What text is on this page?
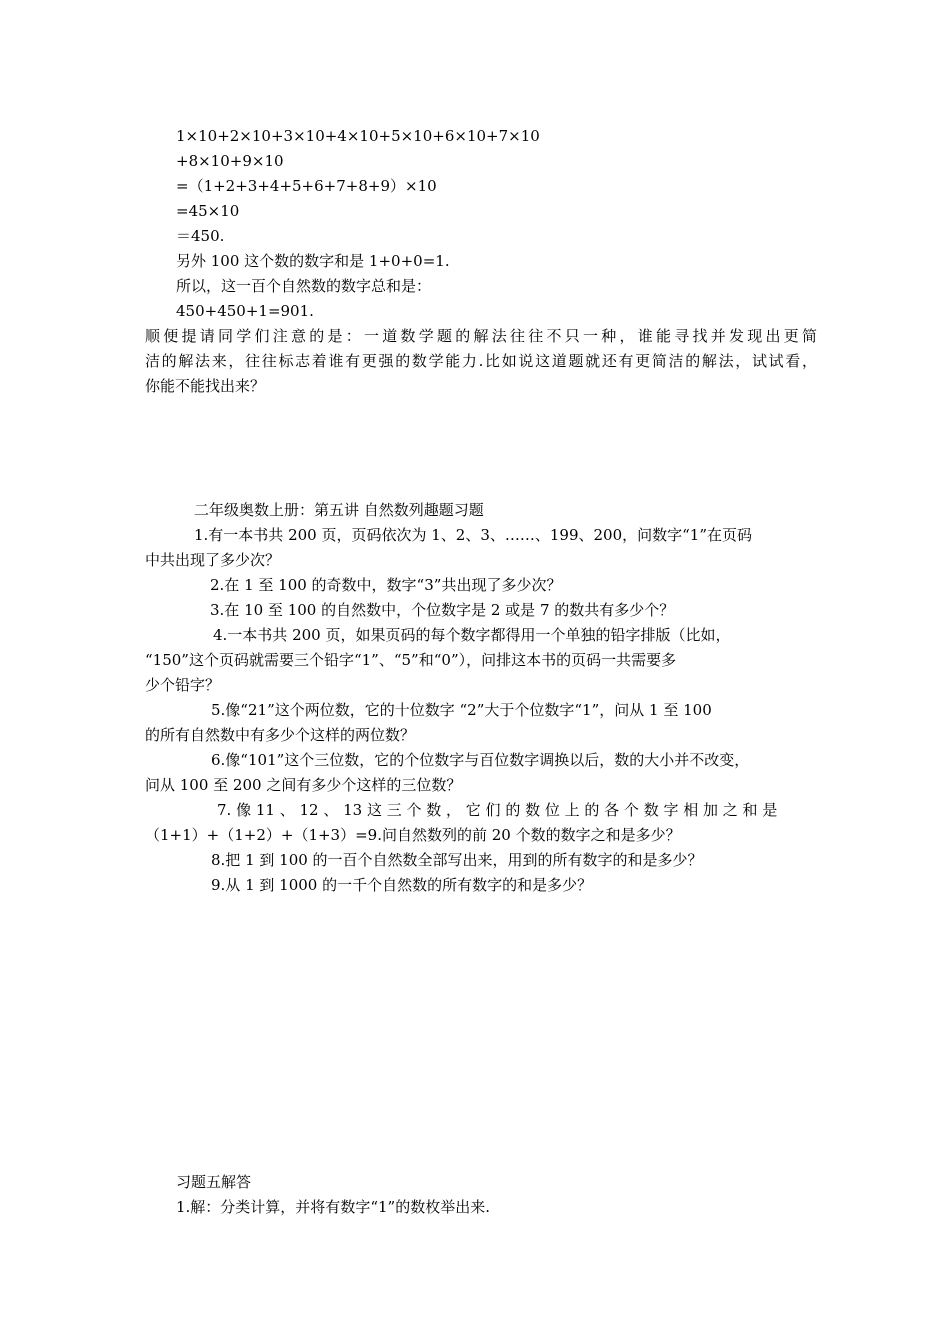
1×10+2×10+3×10+4×10+5×10+6×10+7×10
+8×10+9×10
=（1+2+3+4+5+6+7+8+9）×10
=45×10
＝450.
另外 100 这个数的数字和是 1+0+0=1.
所以，这一百个自然数的数字总和是：
450+450+1=901.
顺便提请同学们注意的是：一道数学题的解法往往不只一种，谁能寻找并发现出更简
洁的解法来，往往标志着谁有更强的数学能力.比如说这道题就还有更简洁的解法，试试看，
你能不能找出来？
二年级奥数上册：第五讲 自然数列趣题习题
1.有一本书共 200 页，页码依次为 1、2、3、……、199、200，问数字“1”在页码
中共出现了多少次？
2.在 1 至 100 的奇数中，数字“3”共出现了多少次？
3.在 10 至 100 的自然数中，个位数字是 2 或是 7 的数共有多少个？
4.一本书共 200 页，如果页码的每个数字都得用一个单独的铅字排版（比如，
“150”这个页码就需要三个铅字“1”、“5”和“0”），问排这本书的页码一共需要多
少个铅字？
5.像“21”这个两位数，它的十位数字 “2”大于个位数字“1”，问从 1 至 100
的所有自然数中有多少个这样的两位数？
6.像“101”这个三位数，它的个位数字与百位数字调换以后，数的大小并不改变，
问从 100 至 200 之间有多少个这样的三位数？
7. 像 11 、 12 、 13 这 三 个 数 ， 它 们 的 数 位 上 的 各 个 数 字 相 加 之 和 是
（1+1）+（1+2）+（1+3）=9.问自然数列的前 20 个数的数字之和是多少？
8.把 1 到 100 的一百个自然数全部写出来，用到的所有数字的和是多少？
9.从 1 到 1000 的一千个自然数的所有数字的和是多少？
习题五解答
1.解：分类计算，并将有数字“1”的数枚举出来.
